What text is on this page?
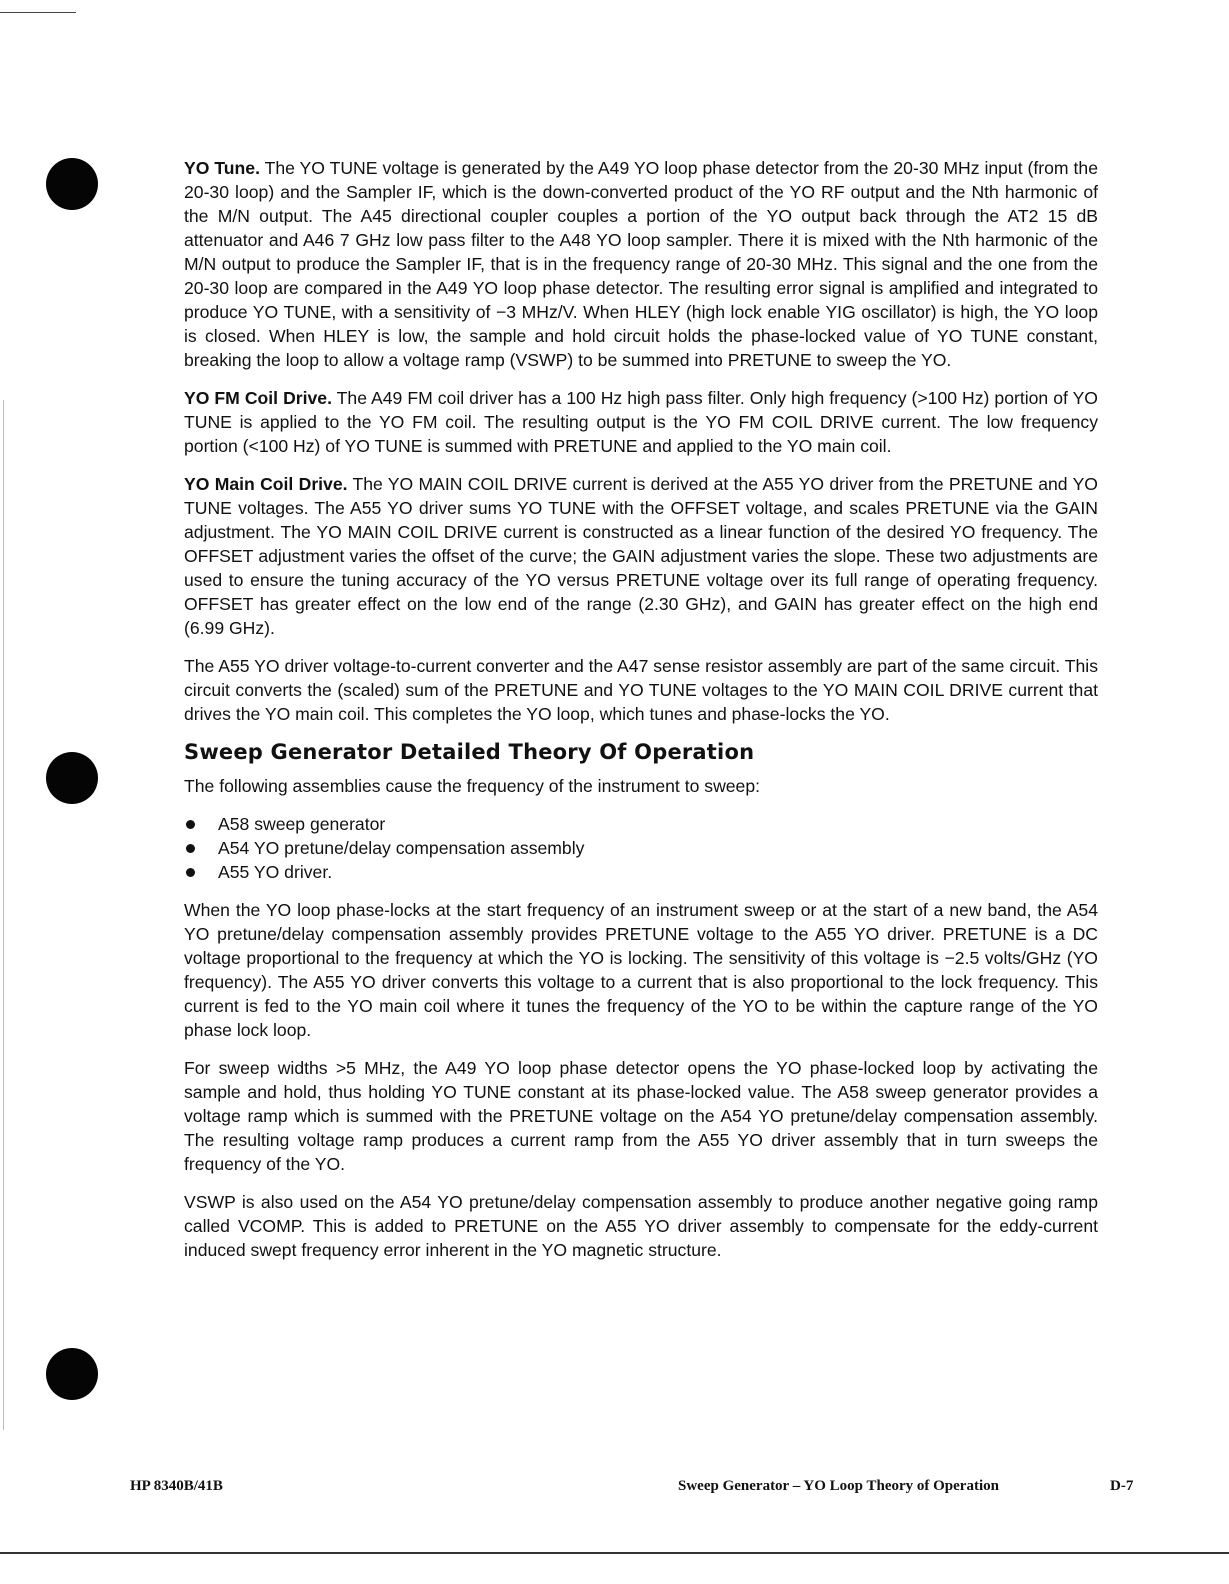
YO Tune. The YO TUNE voltage is generated by the A49 YO loop phase detector from the 20-30 MHz input (from the 20-30 loop) and the Sampler IF, which is the down-converted product of the YO RF output and the Nth harmonic of the M/N output. The A45 directional coupler couples a portion of the YO output back through the AT2 15 dB attenuator and A46 7 GHz low pass filter to the A48 YO loop sampler. There it is mixed with the Nth harmonic of the M/N output to produce the Sampler IF, that is in the frequency range of 20-30 MHz. This signal and the one from the 20-30 loop are compared in the A49 YO loop phase detector. The resulting error signal is amplified and integrated to produce YO TUNE, with a sensitivity of −3 MHz/V. When HLEY (high lock enable YIG oscillator) is high, the YO loop is closed. When HLEY is low, the sample and hold circuit holds the phase-locked value of YO TUNE constant, breaking the loop to allow a voltage ramp (VSWP) to be summed into PRETUNE to sweep the YO.

YO FM Coil Drive. The A49 FM coil driver has a 100 Hz high pass filter. Only high frequency (>100 Hz) portion of YO TUNE is applied to the YO FM coil. The resulting output is the YO FM COIL DRIVE current. The low frequency portion (<100 Hz) of YO TUNE is summed with PRETUNE and applied to the YO main coil.

YO Main Coil Drive. The YO MAIN COIL DRIVE current is derived at the A55 YO driver from the PRETUNE and YO TUNE voltages. The A55 YO driver sums YO TUNE with the OFFSET voltage, and scales PRETUNE via the GAIN adjustment. The YO MAIN COIL DRIVE current is constructed as a linear function of the desired YO frequency. The OFFSET adjustment varies the offset of the curve; the GAIN adjustment varies the slope. These two adjustments are used to ensure the tuning accuracy of the YO versus PRETUNE voltage over its full range of operating frequency. OFFSET has greater effect on the low end of the range (2.30 GHz), and GAIN has greater effect on the high end (6.99 GHz).

The A55 YO driver voltage-to-current converter and the A47 sense resistor assembly are part of the same circuit. This circuit converts the (scaled) sum of the PRETUNE and YO TUNE voltages to the YO MAIN COIL DRIVE current that drives the YO main coil. This completes the YO loop, which tunes and phase-locks the YO.

Sweep Generator Detailed Theory Of Operation

The following assemblies cause the frequency of the instrument to sweep:

A58 sweep generator
A54 YO pretune/delay compensation assembly
A55 YO driver.

When the YO loop phase-locks at the start frequency of an instrument sweep or at the start of a new band, the A54 YO pretune/delay compensation assembly provides PRETUNE voltage to the A55 YO driver. PRETUNE is a DC voltage proportional to the frequency at which the YO is locking. The sensitivity of this voltage is −2.5 volts/GHz (YO frequency). The A55 YO driver converts this voltage to a current that is also proportional to the lock frequency. This current is fed to the YO main coil where it tunes the frequency of the YO to be within the capture range of the YO phase lock loop.

For sweep widths >5 MHz, the A49 YO loop phase detector opens the YO phase-locked loop by activating the sample and hold, thus holding YO TUNE constant at its phase-locked value. The A58 sweep generator provides a voltage ramp which is summed with the PRETUNE voltage on the A54 YO pretune/delay compensation assembly. The resulting voltage ramp produces a current ramp from the A55 YO driver assembly that in turn sweeps the frequency of the YO.

VSWP is also used on the A54 YO pretune/delay compensation assembly to produce another negative going ramp called VCOMP. This is added to PRETUNE on the A55 YO driver assembly to compensate for the eddy-current induced swept frequency error inherent in the YO magnetic structure.

HP 8340B/41B	Sweep Generator – YO Loop Theory of Operation	D-7
